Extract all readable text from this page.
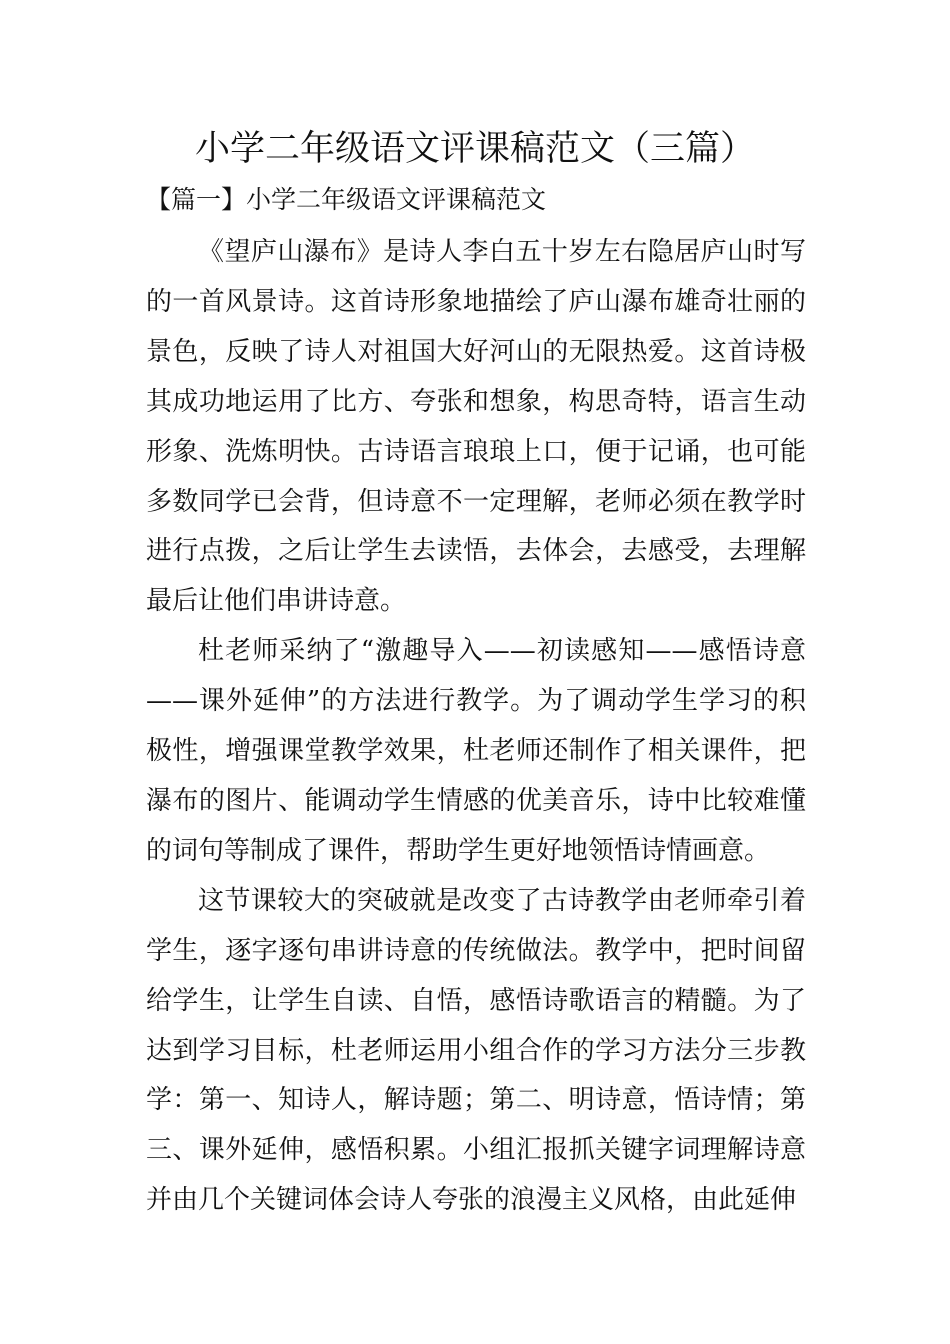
小学二年级语文评课稿范文（三篇）
【篇一】小学二年级语文评课稿范文

《望庐山瀑布》是诗人李白五十岁左右隐居庐山时写的一首风景诗。这首诗形象地描绘了庐山瀑布雄奇壮丽的景色，反映了诗人对祖国大好河山的无限热爱。这首诗极其成功地运用了比方、夸张和想象，构思奇特，语言生动形象、洗炼明快。古诗语言琅琅上口，便于记诵，也可能多数同学已会背，但诗意不一定理解，老师必须在教学时进行点拨，之后让学生去读悟，去体会，去感受，去理解最后让他们串讲诗意。

杜老师采纳了“激趣导入——初读感知——感悟诗意——课外延伸”的方法进行教学。为了调动学生学习的积极性，增强课堂教学效果，杜老师还制作了相关课件，把瀑布的图片、能调动学生情感的优美音乐，诗中比较难懂的词句等制成了课件，帮助学生更好地领悟诗情画意。

这节课较大的突破就是改变了古诗教学由老师牵引着学生，逐字逐句串讲诗意的传统做法。教学中，把时间留给学生，让学生自读、自悟，感悟诗歌语言的精髓。为了达到学习目标，杜老师运用小组合作的学习方法分三步教学：第一、知诗人，解诗题；第二、明诗意，悟诗情；第三、课外延伸，感悟积累。小组汇报抓关键字词理解诗意并由几个关键词体会诗人夸张的浪漫主义风格，由此延伸
